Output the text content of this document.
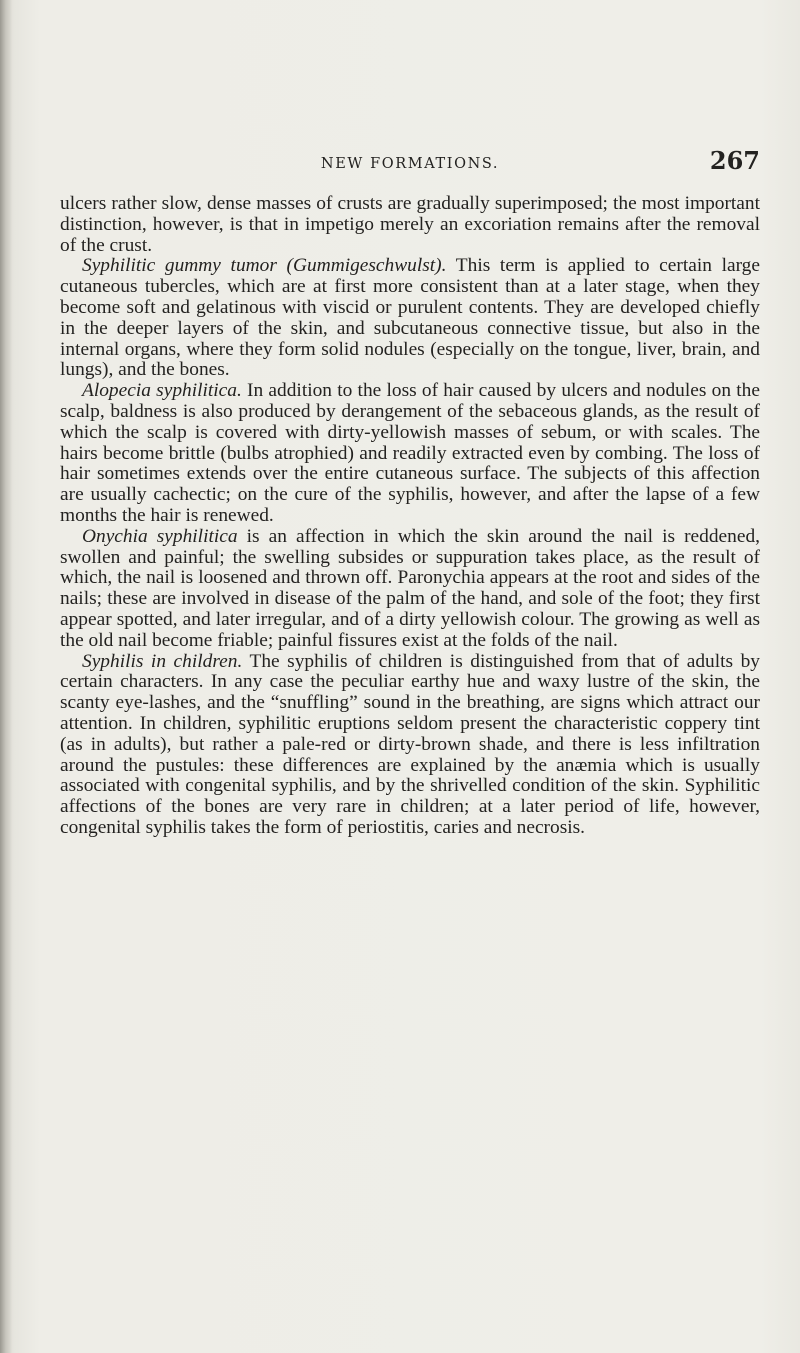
NEW FORMATIONS.	267

ulcers rather slow, dense masses of crusts are gradually superimposed; the most important distinction, however, is that in impetigo merely an excoriation remains after the removal of the crust.

Syphilitic gummy tumor (Gummigeschwulst). This term is applied to certain large cutaneous tubercles, which are at first more consistent than at a later stage, when they become soft and gelatinous with viscid or purulent contents. They are developed chiefly in the deeper layers of the skin, and subcutaneous connective tissue, but also in the internal organs, where they form solid nodules (especially on the tongue, liver, brain, and lungs), and the bones.

Alopecia syphilitica. In addition to the loss of hair caused by ulcers and nodules on the scalp, baldness is also produced by derangement of the sebaceous glands, as the result of which the scalp is covered with dirty-yellowish masses of sebum, or with scales. The hairs become brittle (bulbs atrophied) and readily extracted even by combing. The loss of hair sometimes extends over the entire cutaneous surface. The subjects of this affection are usually cachectic; on the cure of the syphilis, however, and after the lapse of a few months the hair is renewed.

Onychia syphilitica is an affection in which the skin around the nail is reddened, swollen and painful; the swelling subsides or suppuration takes place, as the result of which, the nail is loosened and thrown off. Paronychia appears at the root and sides of the nails; these are involved in disease of the palm of the hand, and sole of the foot; they first appear spotted, and later irregular, and of a dirty yellowish colour. The growing as well as the old nail become friable; painful fissures exist at the folds of the nail.

Syphilis in children. The syphilis of children is distinguished from that of adults by certain characters. In any case the peculiar earthy hue and waxy lustre of the skin, the scanty eye-lashes, and the “snuffling” sound in the breathing, are signs which attract our attention. In children, syphilitic eruptions seldom present the characteristic coppery tint (as in adults), but rather a pale-red or dirty-brown shade, and there is less infiltration around the pustules: these differences are explained by the anæmia which is usually associated with congenital syphilis, and by the shrivelled condition of the skin. Syphilitic affections of the bones are very rare in children; at a later period of life, however, congenital syphilis takes the form of periostitis, caries and necrosis.
